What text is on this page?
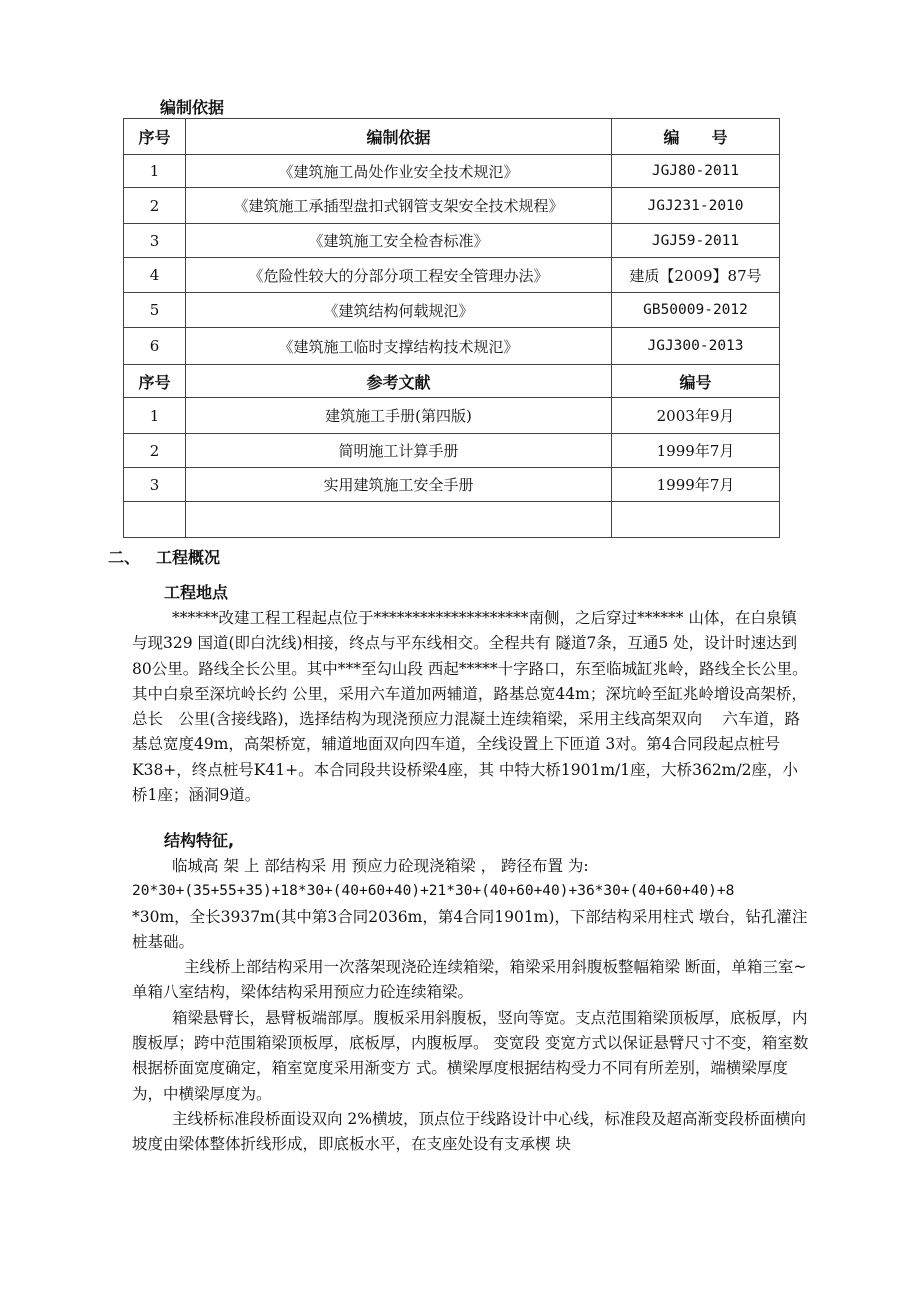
编制依据
序号	编制依据	编　　号
1	《建筑施工咼处作业安全技术规氾》	JGJ80-2011
2	《建筑施工承插型盘扣式钢管支架安全技术规程》	JGJ231-2010
3	《建筑施工安全检杳标准》	JGJ59-2011
4	《危险性较大的分部分项工程安全管理办法》	建质【2009】87号
5	《建筑结构何载规氾》	GB50009-2012
6	《建筑施工临时支撑结构技术规氾》	JGJ300-2013
序号	参考文献	编号
1	建筑施工手册(第四版)	2003年9月
2	简明施工计算手册	1999年7月
3	实用建筑施工安全手册	1999年7月

二、 工程概况
工程地点

******改建工程工程起点位于********************南侧，之后穿过****** 山体，在白泉镇与现329 国道(即白沈线)相接，终点与平东线相交。全程共有 隧道7条，互通5 处，设计时速达到80公里。路线全长公里。其中***至勾山段 西起*****十字路口，东至临城缸兆岭，路线全长公里。其中白泉至深坑岭长约 公里，采用六车道加两辅道，路基总宽44m；深坑岭至缸兆岭增设高架桥，总长　公里(含接线路)，选择结构为现浇预应力混凝土连续箱梁，采用主线高架双向　 六车道，路基总宽度49m，高架桥宽，辅道地面双向四车道，全线设置上下匝道 3对。第4合同段起点桩号K38+，终点桩号K41+。本合同段共设桥梁4座，其 中特大桥1901m/1座，大桥362m/2座，小桥1座；涵洞9道。

结构特征,

临城高 架 上 部结构采 用 预应力砼现浇箱梁 ， 跨径布置 为:

20*30+(35+55+35)+18*30+(40+60+40)+21*30+(40+60+40)+36*30+(40+60+40)+8

*30m，全长3937m(其中第3合同2036m，第4合同1901m)，下部结构采用柱式 墩台，钻孔灌注桩基础。

主线桥上部结构采用一次落架现浇砼连续箱梁，箱梁采用斜腹板整幅箱梁 断面，单箱三室~单箱八室结构，梁体结构采用预应力砼连续箱梁。

箱梁悬臂长，悬臂板端部厚。腹板采用斜腹板，竖向等宽。支点范围箱梁顶板厚，底板厚，内腹板厚；跨中范围箱梁顶板厚，底板厚，内腹板厚。 变宽段 变宽方式以保证悬臂尺寸不变，箱室数根据桥面宽度确定，箱室宽度采用渐变方 式。横梁厚度根据结构受力不同有所差别，端横梁厚度为，中横梁厚度为。

主线桥标准段桥面设双向 2%横坡，顶点位于线路设计中心线，标准段及超高渐变段桥面横向坡度由梁体整体折线形成，即底板水平，在支座处设有支承楔 块
